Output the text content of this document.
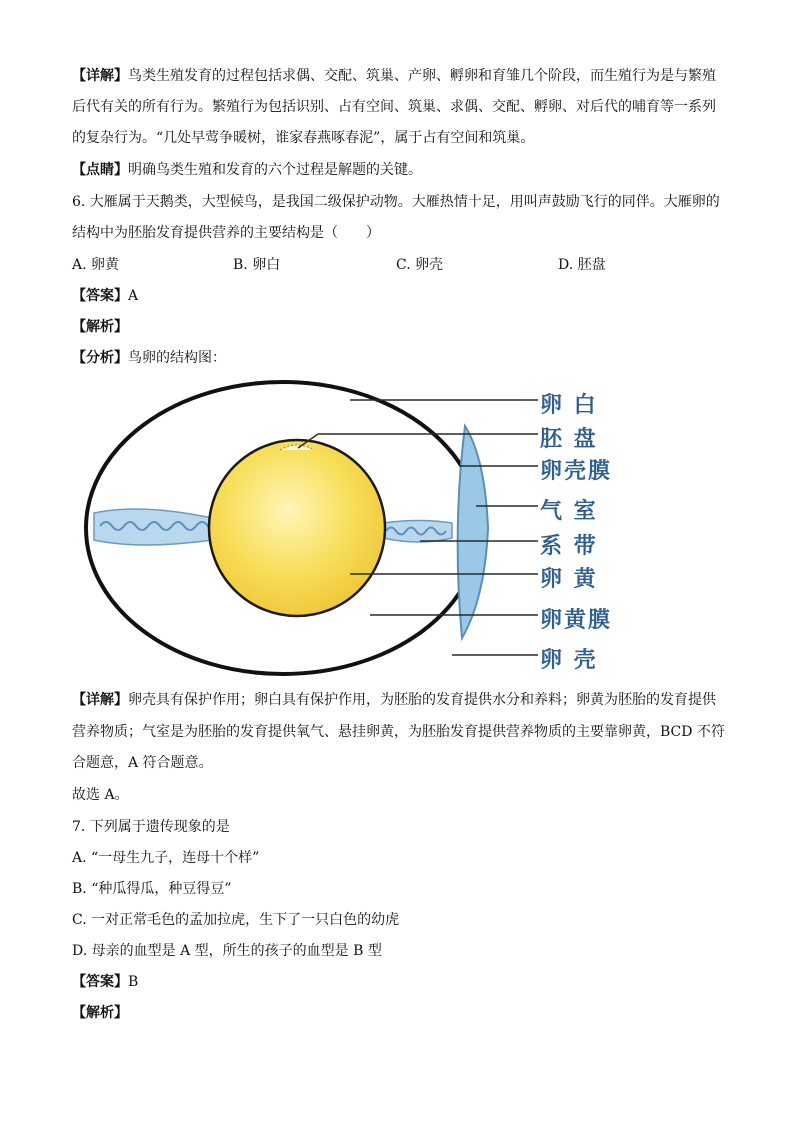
【详解】鸟类生殖发育的过程包括求偶、交配、筑巢、产卵、孵卵和育雏几个阶段，而生殖行为是与繁殖
后代有关的所有行为。繁殖行为包括识别、占有空间、筑巢、求偶、交配、孵卵、对后代的哺育等一系列
的复杂行为。“几处早莺争暖树，谁家春燕啄春泥”，属于占有空间和筑巢。
【点睛】明确鸟类生殖和发育的六个过程是解题的关键。
6. 大雁属于天鹅类，大型候鸟，是我国二级保护动物。大雁热情十足，用叫声鼓励飞行的同伴。大雁卵的
结构中为胚胎发育提供营养的主要结构是（　　）
A. 卵黄	B. 卵白	C. 卵壳	D. 胚盘
【答案】A
【解析】
【分析】鸟卵的结构图：
卵 白
胚 盘
卵壳膜
气 室
系 带
卵 黄
卵黄膜
卵 壳
【详解】卵壳具有保护作用；卵白具有保护作用，为胚胎的发育提供水分和养料；卵黄为胚胎的发育提供
营养物质；气室是为胚胎的发育提供氧气、悬挂卵黄，为胚胎发育提供营养物质的主要靠卵黄，BCD 不符
合题意，A 符合题意。
故选 A。
7. 下列属于遗传现象的是
A. “一母生九子，连母十个样”
B. “种瓜得瓜，种豆得豆”
C. 一对正常毛色的孟加拉虎，生下了一只白色的幼虎
D. 母亲的血型是 A 型，所生的孩子的血型是 B 型
【答案】B
【解析】
